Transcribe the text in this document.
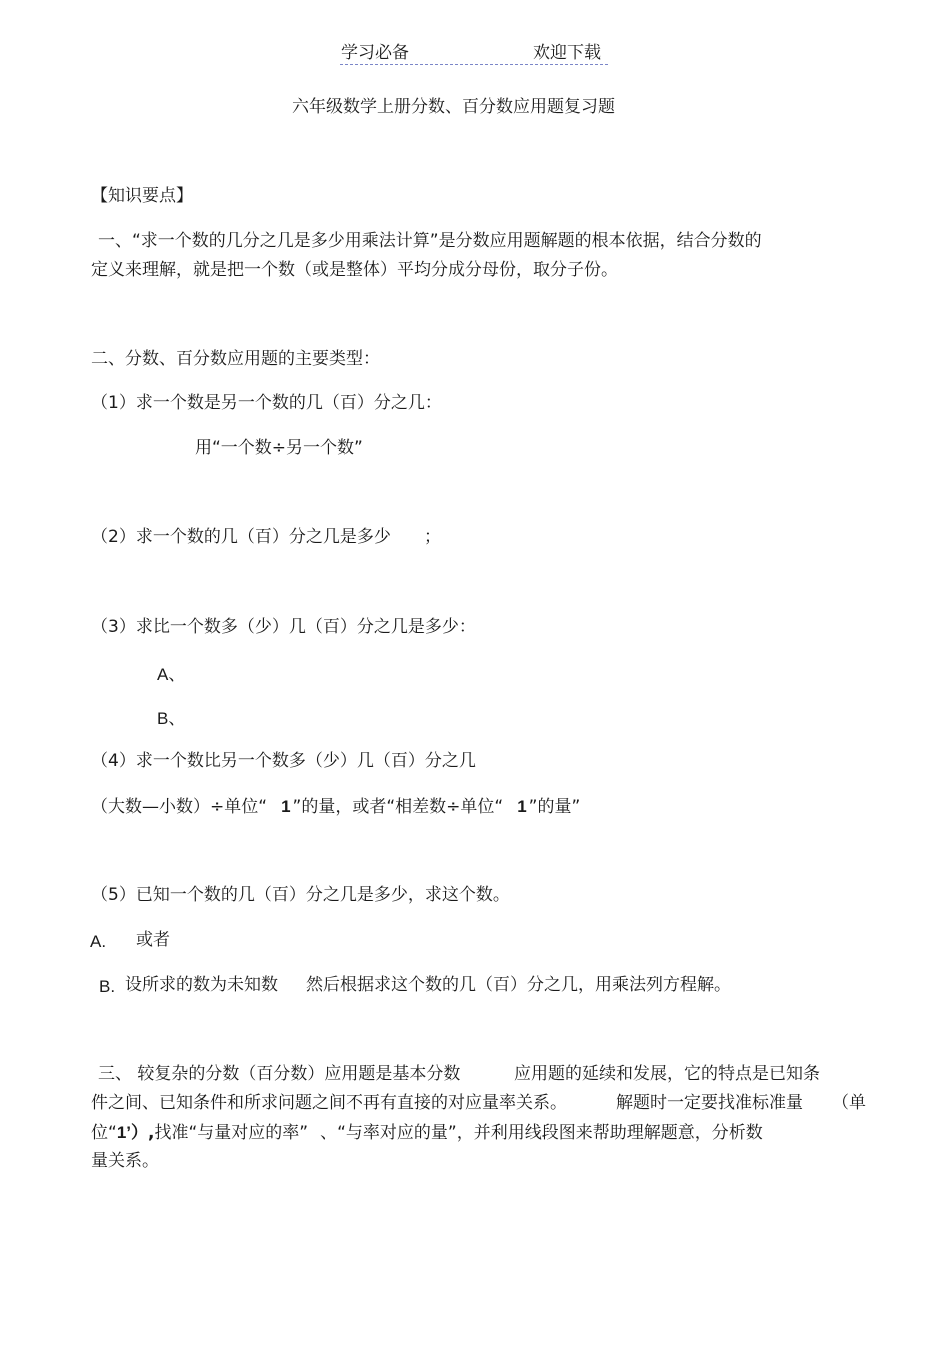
学习必备	欢迎下载
六年级数学上册分数、百分数应用题复习题
【知识要点】
一、“求一个数的几分之几是多少用乘法计算”是分数应用题解题的根本依据，结合分数的
定义来理解，就是把一个数（或是整体）平均分成分母份，取分子份。
二、分数、百分数应用题的主要类型：
（1）求一个数是另一个数的几（百）分之几：
用“一个数÷另一个数”
（2）求一个数的几（百）分之几是多少 ；
（3）求比一个数多（少）几（百）分之几是多少：
A、
B、
（4）求一个数比另一个数多（少）几（百）分之几
（大数—小数）÷单位“ 1 ”的量，或者“相差数÷单位“ 1 ”的量”
（5）已知一个数的几（百）分之几是多少，求这个数。
A. 或者
B. 设所求的数为未知数 然后根据求这个数的几（百）分之几，用乘法列方程解。
三、 较复杂的分数（百分数）应用题是基本分数	应用题的延续和发展，它的特点是已知条
件之间、已知条件和所求问题之间不再有直接的对应量率关系。	解题时一定要找准标准量 （单
位“1’）,找准“与量对应的率” 、“与率对应的量”，并利用线段图来帮助理解题意，分析数
量关系。
